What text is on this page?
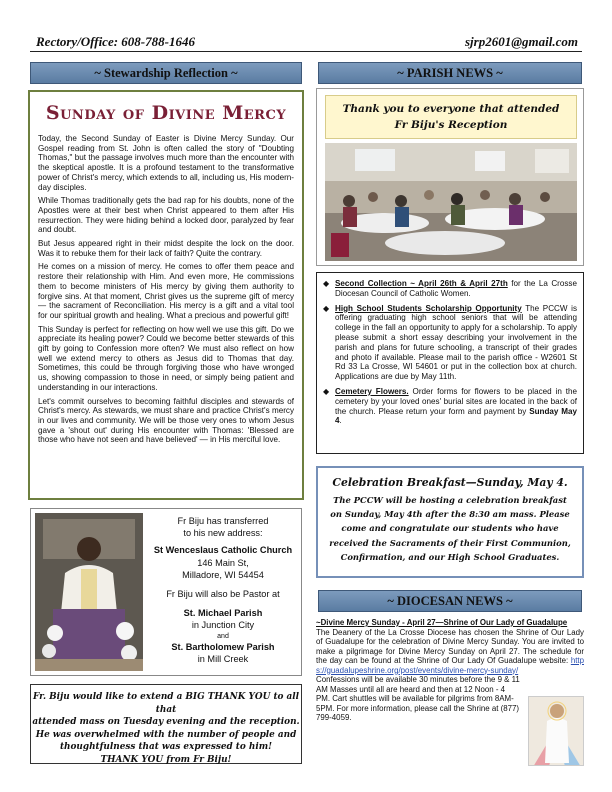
Rectory/Office: 608-788-1646	sjrp2601@gmail.com
~ Stewardship Reflection ~
Sunday of Divine Mercy

Today, the Second Sunday of Easter is Divine Mercy Sunday. Our Gospel reading from St. John is often called the story of "Doubting Thomas," but the passage involves much more than the encounter with the skeptical apostle. It is a profound testament to the transformative power of Christ's mercy, which extends to all, including us, His modern-day disciples.

While Thomas traditionally gets the bad rap for his doubts, none of the Apostles were at their best when Christ appeared to them after His resurrection. They were hiding behind a locked door, paralyzed by fear and doubt.

But Jesus appeared right in their midst despite the lock on the door. Was it to rebuke them for their lack of faith? Quite the contrary.

He comes on a mission of mercy. He comes to offer them peace and restore their relationship with Him. And even more, He commissions them to become ministers of His mercy by giving them authority to forgive sins. At that moment, Christ gives us the supreme gift of mercy — the sacrament of Reconciliation. His mercy is a gift and a vital tool for our spiritual growth and healing. What a precious and powerful gift!

This Sunday is perfect for reflecting on how well we use this gift. Do we appreciate its healing power? Could we become better stewards of this gift by going to Confession more often? We must also reflect on how well we extend mercy to others as Jesus did to Thomas that day. Sometimes, this could be through forgiving those who have wronged us, showing compassion to those in need, or simply being patient and understanding in our interactions.

Let's commit ourselves to becoming faithful disciples and stewards of Christ's mercy. As stewards, we must share and practice Christ's mercy in our lives and community. We will be those very ones to whom Jesus gave a 'shout out' during His encounter with Thomas: 'Blessed are those who have not seen and have believed' — in His merciful love.

Fr Biju has transferred
to his new address:
St Wenceslaus Catholic Church
146 Main St,
Milladore, WI 54454
Fr Biju will also be Pastor at
St. Michael Parish
in Junction City
and
St. Bartholomew Parish
in Mill Creek
Fr. Biju would like to extend a BIG THANK YOU to all that
attended mass on Tuesday evening and the reception.
He was overwhelmed with the number of people and
thoughtfulness that was expressed to him!
THANK YOU from Fr Biju!
~ PARISH NEWS ~
Thank you to everyone that attended
Fr Biju's Reception
◆ Second Collection ~ April 26th & April 27th for the La Crosse Diocesan Council of Catholic Women.
◆ High School Students Scholarship Opportunity The PCCW is offering graduating high school seniors that will be attending college in the fall an opportunity to apply for a scholarship. To apply please submit a short essay describing your involvement in the parish and plans for future schooling, a transcript of their grades and photo if available. Please mail to the parish office - W2601 St Rd 33 La Crosse, WI 54601 or put in the collection box at church. Applications are due by May 11th.
◆ Cemetery Flowers. Order forms for flowers to be placed in the cemetery by your loved ones' burial sites are located in the back of the church. Please return your form and payment by Sunday May 4.
Celebration Breakfast—Sunday, May 4.
The PCCW will be hosting a celebration breakfast on Sunday, May 4th after the 8:30 am mass. Please come and congratulate our students who have received the Sacraments of their First Communion, Confirmation, and our High School Graduates.
~ DIOCESAN NEWS ~
~Divine Mercy Sunday - April 27—Shrine of Our Lady of Guadalupe
The Deanery of the La Crosse Diocese has chosen the Shrine of Our Lady of Guadalupe for the celebration of Divine Mercy Sunday. You are invited to make a pilgrimage for Divine Mercy Sunday on April 27. The schedule for the day can be found at the Shrine of Our Lady Of Guadalupe website: https://guadalupeshrine.org/post/events/divine-mercy-sunday/
Confessions will be available 30 minutes before the 9 & 11 AM Masses until all are heard and then at 12 Noon - 4 PM. Cart shuttles will be available for pilgrims from 8AM-5PM. For more information, please call the Shrine at (877) 799-4059.
